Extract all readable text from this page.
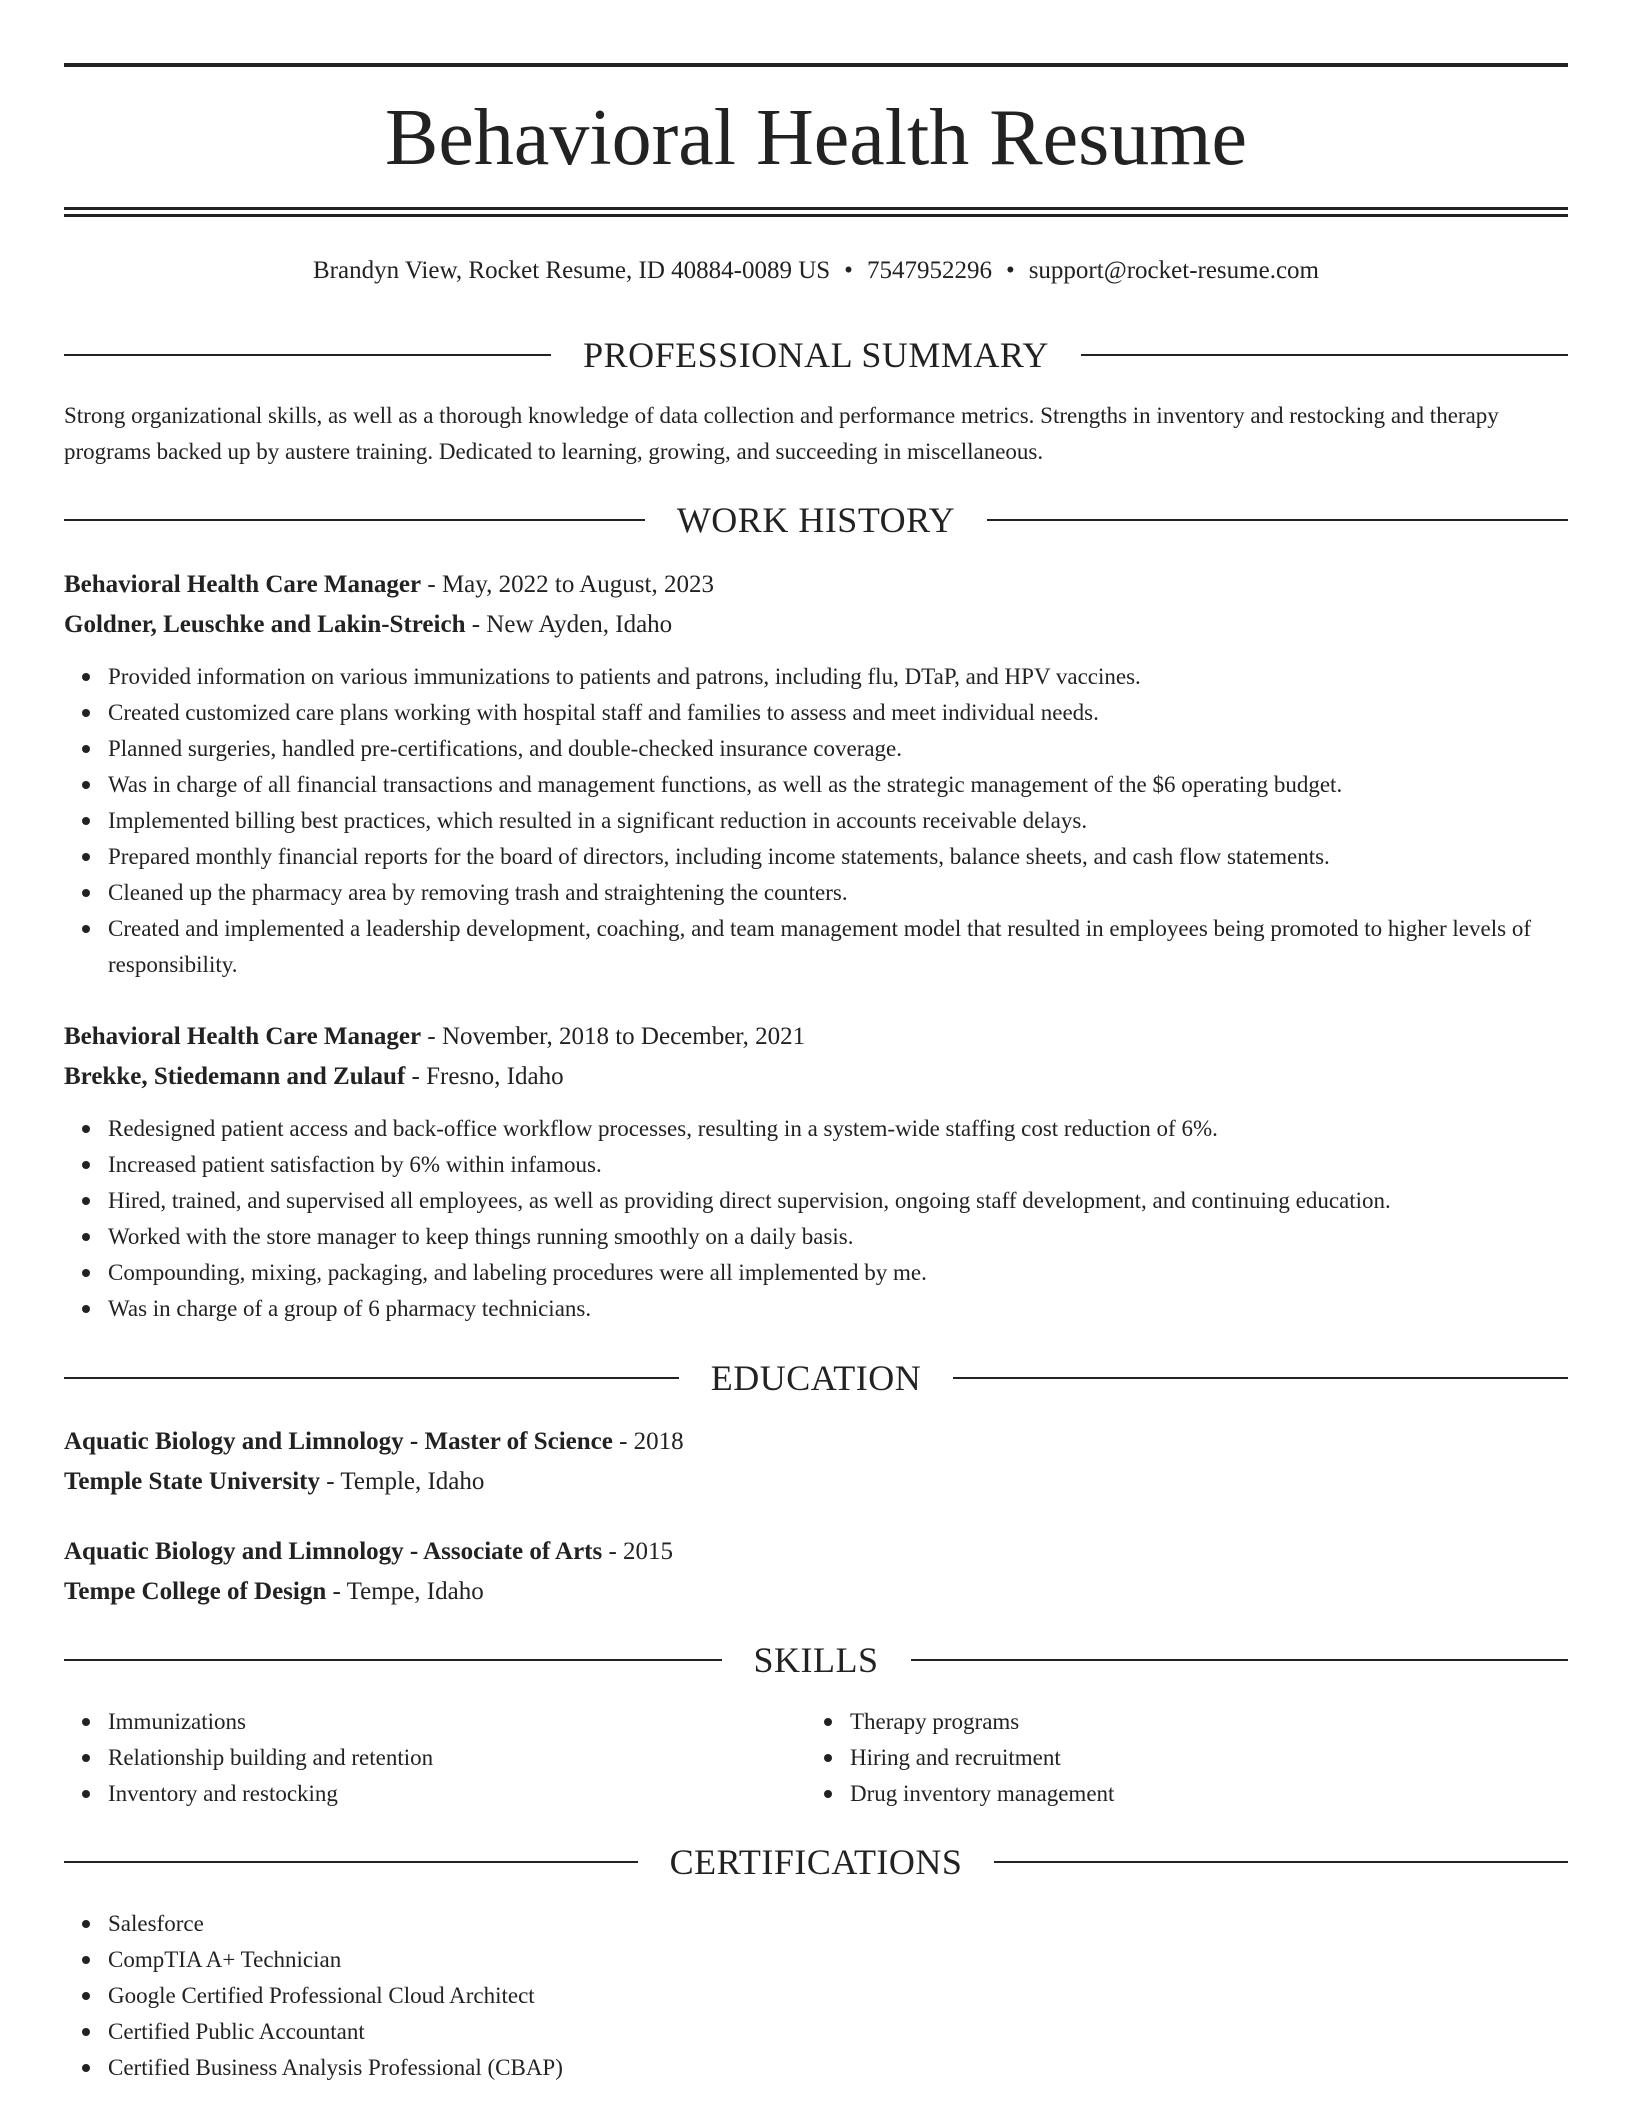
Behavioral Health Resume
Brandyn View, Rocket Resume, ID 40884-0089 US • 7547952296 • support@rocket-resume.com
PROFESSIONAL SUMMARY
Strong organizational skills, as well as a thorough knowledge of data collection and performance metrics. Strengths in inventory and restocking and therapy programs backed up by austere training. Dedicated to learning, growing, and succeeding in miscellaneous.
WORK HISTORY
Behavioral Health Care Manager - May, 2022 to August, 2023
Goldner, Leuschke and Lakin-Streich - New Ayden, Idaho
Provided information on various immunizations to patients and patrons, including flu, DTaP, and HPV vaccines.
Created customized care plans working with hospital staff and families to assess and meet individual needs.
Planned surgeries, handled pre-certifications, and double-checked insurance coverage.
Was in charge of all financial transactions and management functions, as well as the strategic management of the $6 operating budget.
Implemented billing best practices, which resulted in a significant reduction in accounts receivable delays.
Prepared monthly financial reports for the board of directors, including income statements, balance sheets, and cash flow statements.
Cleaned up the pharmacy area by removing trash and straightening the counters.
Created and implemented a leadership development, coaching, and team management model that resulted in employees being promoted to higher levels of responsibility.
Behavioral Health Care Manager - November, 2018 to December, 2021
Brekke, Stiedemann and Zulauf - Fresno, Idaho
Redesigned patient access and back-office workflow processes, resulting in a system-wide staffing cost reduction of 6%.
Increased patient satisfaction by 6% within infamous.
Hired, trained, and supervised all employees, as well as providing direct supervision, ongoing staff development, and continuing education.
Worked with the store manager to keep things running smoothly on a daily basis.
Compounding, mixing, packaging, and labeling procedures were all implemented by me.
Was in charge of a group of 6 pharmacy technicians.
EDUCATION
Aquatic Biology and Limnology - Master of Science - 2018
Temple State University - Temple, Idaho
Aquatic Biology and Limnology - Associate of Arts - 2015
Tempe College of Design - Tempe, Idaho
SKILLS
Immunizations
Relationship building and retention
Inventory and restocking
Therapy programs
Hiring and recruitment
Drug inventory management
CERTIFICATIONS
Salesforce
CompTIA A+ Technician
Google Certified Professional Cloud Architect
Certified Public Accountant
Certified Business Analysis Professional (CBAP)
